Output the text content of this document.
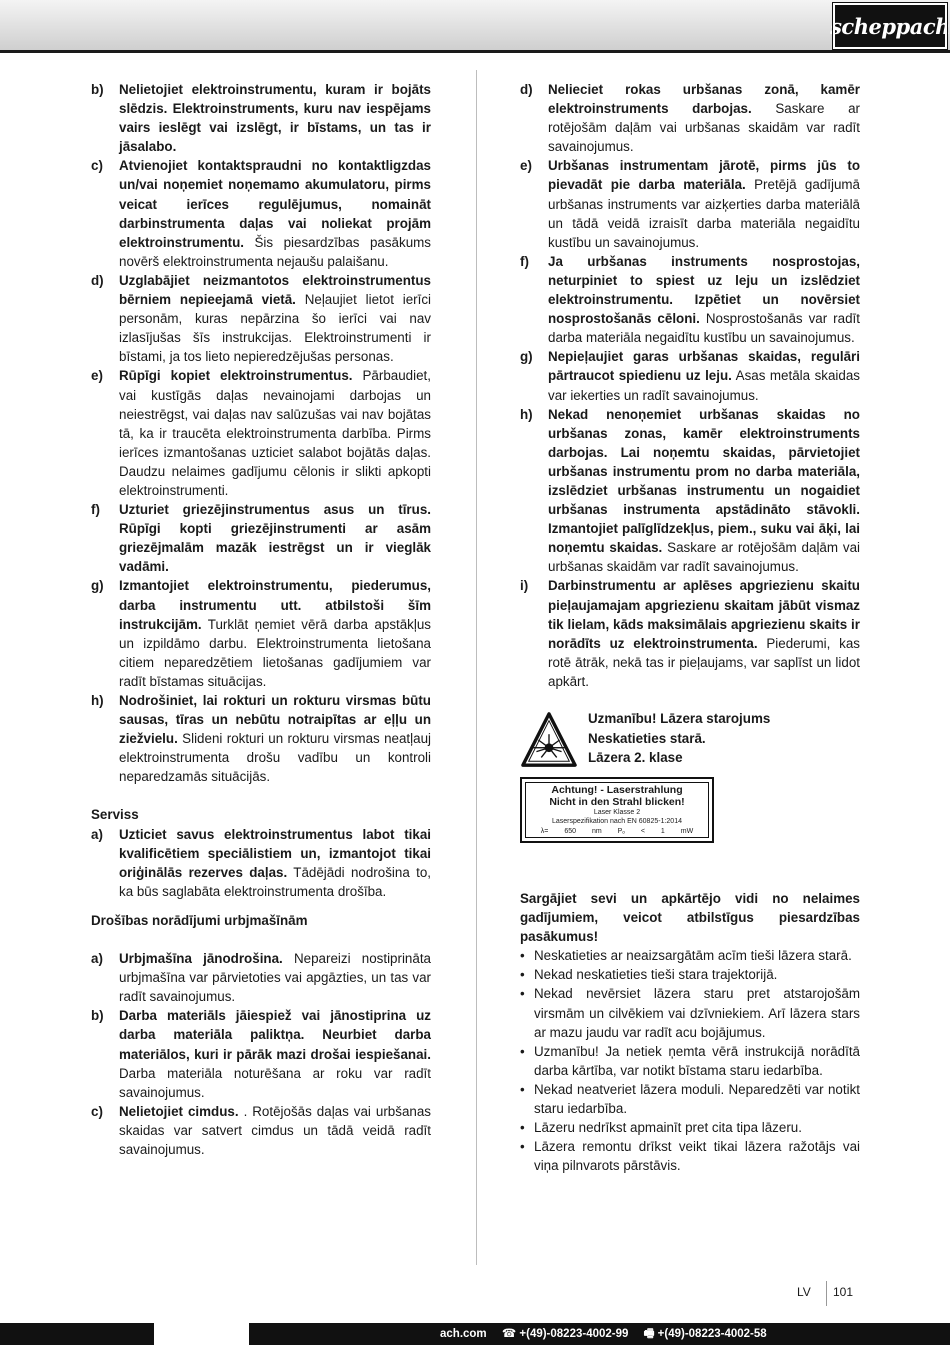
scheppach
b)	Nelietojiet elektroinstrumentu, kuram ir bojāts slēdzis. Elektroinstruments, kuru nav iespējams vairs ieslēgt vai izslēgt, ir bīstams, un tas ir jāsalabo.
c)	Atvienojiet kontaktspraudni no kontaktligzdas un/vai noņemiet noņemamo akumulatoru, pirms veicat ierīces regulējumus, nomaināt darbinstrumenta daļas vai noliekat projām elektroinstrumentu. Šis piesardzības pasākums novērš elektroinstrumenta nejaušu palaišanu.
d)	Uzglabājiet neizmantotos elektroinstrumentus bērniem nepieejamā vietā. Neļaujiet lietot ierīci personām, kuras nepārzina šo ierīci vai nav izlasījušas šīs instrukcijas. Elektroinstrumenti ir bīstami, ja tos lieto nepieredzējušas personas.
e)	Rūpīgi kopiet elektroinstrumentus. Pārbaudiet, vai kustīgās daļas nevainojami darbojas un neiestrēgst, vai daļas nav salūzušas vai nav bojātas tā, ka ir traucēta elektroinstrumenta darbība. Pirms ierīces izmantošanas uzticiet salabot bojātās daļas. Daudzu nelaimes gadījumu cēlonis ir slikti apkopti elektroinstrumenti.
f)	Uzturiet griezējinstrumentus asus un tīrus. Rūpīgi kopti griezējinstrumenti ar asām griezējmalām mazāk iestrēgst un ir vieglāk vadāmi.
g)	Izmantojiet elektroinstrumentu, piederumus, darba instrumentu utt. atbilstoši šīm instrukcijām. Turklāt ņemiet vērā darba apstākļus un izpildāmo darbu. Elektroinstrumenta lietošana citiem neparedzētiem lietošanas gadījumiem var radīt bīstamas situācijas.
h)	Nodrošiniet, lai rokturi un rokturu virsmas būtu sausas, tīras un nebūtu notraipītas ar eļļu un ziežvielu. Slideni rokturi un rokturu virsmas neatļauj elektroinstrumenta drošu vadību un kontroli neparedzamās situācijās.
Serviss
a)	Uzticiet savus elektroinstrumentus labot tikai kvalificētiem speciālistiem un, izmantojot tikai oriģinālās rezerves daļas. Tādējādi nodrošina to, ka būs saglabāta elektroinstrumenta drošība.
Drošības norādījumi urbjmašīnām
a)	Urbjmašīna jānodrošina. Nepareizi nostiprināta urbjmašīna var pārvietoties vai apgāzties, un tas var radīt savainojumus.
b)	Darba materiāls jāiespiež vai jānostiprina uz darba materiāla paliktņa. Neurbiet darba materiālos, kuri ir pārāk mazi drošai iespiešanai. Darba materiāla noturēšana ar roku var radīt savainojumus.
c)	Nelietojiet cimdus. . Rotējošās daļas vai urbšanas skaidas var satvert cimdus un tādā veidā radīt savainojumus.
d)	Nelieciet rokas urbšanas zonā, kamēr elektroinstruments darbojas. Saskare ar rotējošām daļām vai urbšanas skaidām var radīt savainojumus.
e)	Urbšanas instrumentam jārotē, pirms jūs to pievadāt pie darba materiāla. Pretējā gadījumā urbšanas instruments var aizķerties darba materiālā un tādā veidā izraisīt darba materiāla negaidītu kustību un savainojumus.
f)	Ja urbšanas instruments nosprostojas, neturpiniet to spiest uz leju un izslēdziet elektroinstrumentu. Izpētiet un novērsiet nosprostošanās cēloni. Nosprostošanās var radīt darba materiāla negaidītu kustību un savainojumus.
g)	Nepieļaujiet garas urbšanas skaidas, regulāri pārtraucot spiedienu uz leju. Asas metāla skaidas var iekerties un radīt savainojumus.
h)	Nekad nenoņemiet urbšanas skaidas no urbšanas zonas, kamēr elektroinstruments darbojas. Lai noņemtu skaidas, pārvietojiet urbšanas instrumentu prom no darba materiāla, izslēdziet urbšanas instrumentu un nogaidiet urbšanas instrumenta apstādināto stāvokli. Izmantojiet palīglīdzekļus, piem., suku vai āķi, lai noņemtu skaidas. Saskare ar rotējošām daļām vai urbšanas skaidām var radīt savainojumus.
i)	Darbinstrumentu ar aplēses apgriezienu skaitu pieļaujamajam apgriezienu skaitam jābūt vismaz tik lielam, kāds maksimālais apgriezienu skaits ir norādīts uz elektroinstrumenta. Piederumi, kas rotē ātrāk, nekā tas ir pieļaujams, var saplīst un lidot apkārt.
Uzmanību! Lāzera starojums
Neskatieties starā.
Lāzera 2. klase
Achtung! - Laserstrahlung
Nicht in den Strahl blicken!
Laser Klasse 2
Laserspezifikation nach EN 60825-1:2014
λ= 650 nm Pₒ < 1 mW
Sargājiet sevi un apkārtējo vidi no nelaimes gadījumiem, veicot atbilstīgus piesardzības pasākumus!
• Neskatieties ar neaizsargātām acīm tieši lāzera starā.
• Nekad neskatieties tieši stara trajektorijā.
• Nekad nevērsiet lāzera staru pret atstarojošām virsmām un cilvēkiem vai dzīvniekiem. Arī lāzera stars ar mazu jaudu var radīt acu bojājumus.
• Uzmanību! Ja netiek ņemta vērā instrukcijā norādītā darba kārtība, var notikt bīstama staru iedarbība.
• Nekad neatveriet lāzera moduli. Neparedzēti var notikt staru iedarbība.
• Lāzeru nedrīkst apmainīt pret cita tipa lāzeru.
• Lāzera remontu drīkst veikt tikai lāzera ražotājs vai viņa pilnvarots pārstāvis.
LV 101
ach.com ☎ +(49)-08223-4002-99 🖷 +(49)-08223-4002-58
